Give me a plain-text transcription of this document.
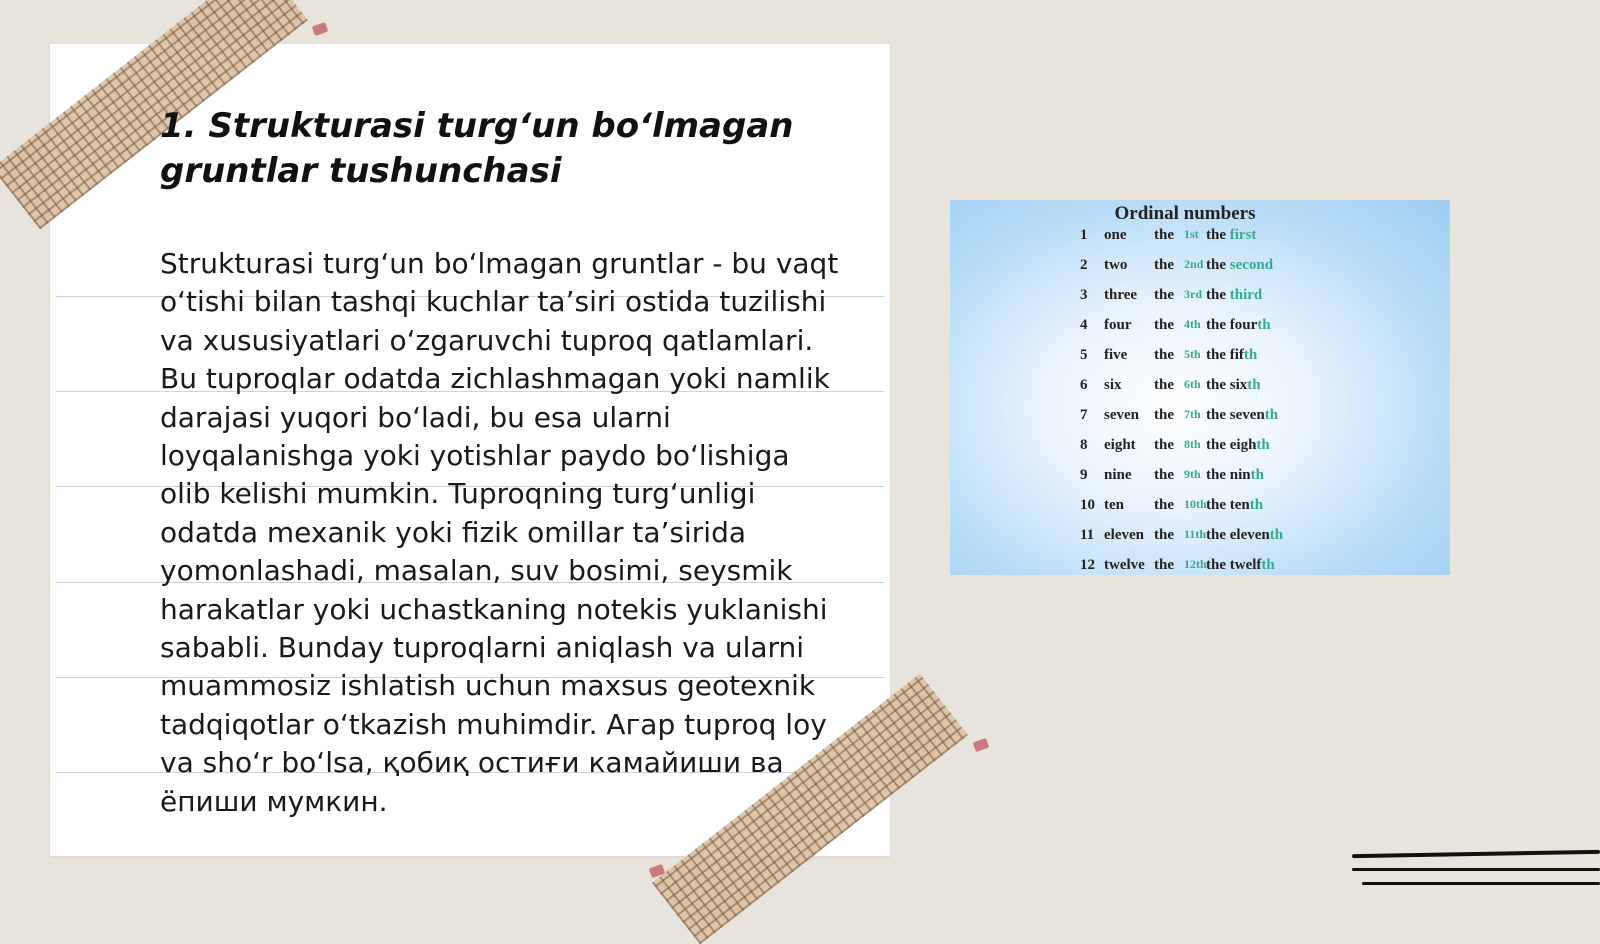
1. Strukturasi turg‘un bo‘lmagan gruntlar tushunchasi

Strukturasi turg‘un bo‘lmagan gruntlar - bu vaqt o‘tishi bilan tashqi kuchlar ta’siri ostida tuzilishi va xususiyatlari o‘zgaruvchi tuproq qatlamlari. Bu tuproqlar odatda zichlashmagan yoki namlik darajasi yuqori bo‘ladi, bu esa ularni loyqalanishga yoki yotishlar paydo bo‘lishiga olib kelishi mumkin. Tuproqning turg‘unligi odatda mexanik yoki fizik omillar ta’sirida yomonlashadi, masalan, suv bosimi, seysmik harakatlar yoki uchastkaning notekis yuklanishi sababli. Bunday tuproqlarni aniqlash va ularni muammosiz ishlatish uchun maxsus geotexnik tadqiqotlar o‘tkazish muhimdir. Агар tuproq loy va sho‘r bo‘lsa, қобиқ остиғи камайиши ва ёпиши мумкин.

Ordinal numbers
1 one the 1st the first
2 two the 2nd the second
3 three the 3rd the third
4 four the 4th the fourth
5 five the 5th the fifth
6 six the 6th the sixth
7 seven the 7th the seventh
8 eight the 8th the eighth
9 nine the 9th the ninth
10 ten the 10th the tenth
11 eleven the 11th the eleventh
12 twelve the 12th the twelfth
